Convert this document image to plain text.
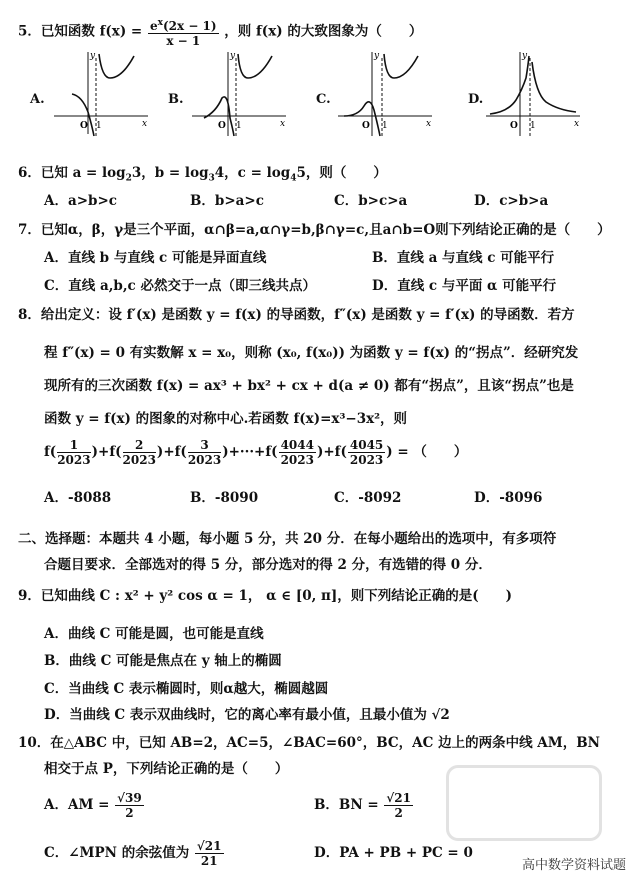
5．已知函数 $f(x) = \frac{e^x(2x - 1)}{x - 1}$ ，则 f(x) 的大致图象为（　　）
A.	B.	C.	D.
O 1	x
y
O 1	x
y
O 1	x
y
O 1	x
y
6．已知 $a = \log_23$，$b = \log_34$，$c = \log_45$，则（　　）
A．a>b>c	B．b>a>c	C．b>c>a	D．c>b>a
7．已知α，β，γ是三个平面，α∩β=a,α∩γ=b,β∩γ=c,且a∩b=O则下列结论正确的是（　　）
A．直线 b 与直线 c 可能是异面直线	B．直线 a 与直线 c 可能平行
C．直线 a,b,c 必然交于一点（即三线共点）	D．直线 c 与平面 α 可能平行
8．给出定义：设 f′(x) 是函数 y = f(x) 的导函数，f″(x) 是函数 y = f′(x) 的导函数．若方
程 f″(x) = 0 有实数解 x = x₀，则称 (x₀, f(x₀)) 为函数 y = f(x) 的“拐点”．经研究发
现所有的三次函数 f(x) = ax³ + bx² + cx + d(a ≠ 0) 都有“拐点”，且该“拐点”也是
函数 y = f(x) 的图象的对称中心.若函数 f(x)=x³−3x²，则
$f( \frac{1}{2023} )+f( \frac{2}{2023} )+f( \frac{3}{2023} )+\cdot\cdot\cdot+f( \frac{4044}{2023} )+f( \frac{4045}{2023}$ ) = （　　）
A．-8088	B．-8090	C．-8092	D．-8096
二、选择题：本题共 4 小题，每小题 5 分，共 20 分．在每小题给出的选项中，有多项符
合题目要求．全部选对的得 5 分，部分选对的得 2 分，有选错的得 0 分．
9．已知曲线 C : x² + y² cos α = 1， α ∈ [0, π]，则下列结论正确的是(　　)
A．曲线 C 可能是圆，也可能是直线
B．曲线 C 可能是焦点在 y 轴上的椭圆
C．当曲线 C 表示椭圆时，则α越大，椭圆越圆
D．当曲线 C 表示双曲线时，它的离心率有最小值，且最小值为 √2
10．在△ABC 中，已知 AB=2，AC=5，∠BAC=60°，BC，AC 边上的两条中线 AM，BN
相交于点 P，下列结论正确的是（　　）
A．AM = $\frac{√39}{2}$	B．BN = $\frac{√21}{2}$
C．∠MPN 的余弦值为 $\frac{√21}{21}$	D．PA + PB + PC = 0
高中数学资料试题
